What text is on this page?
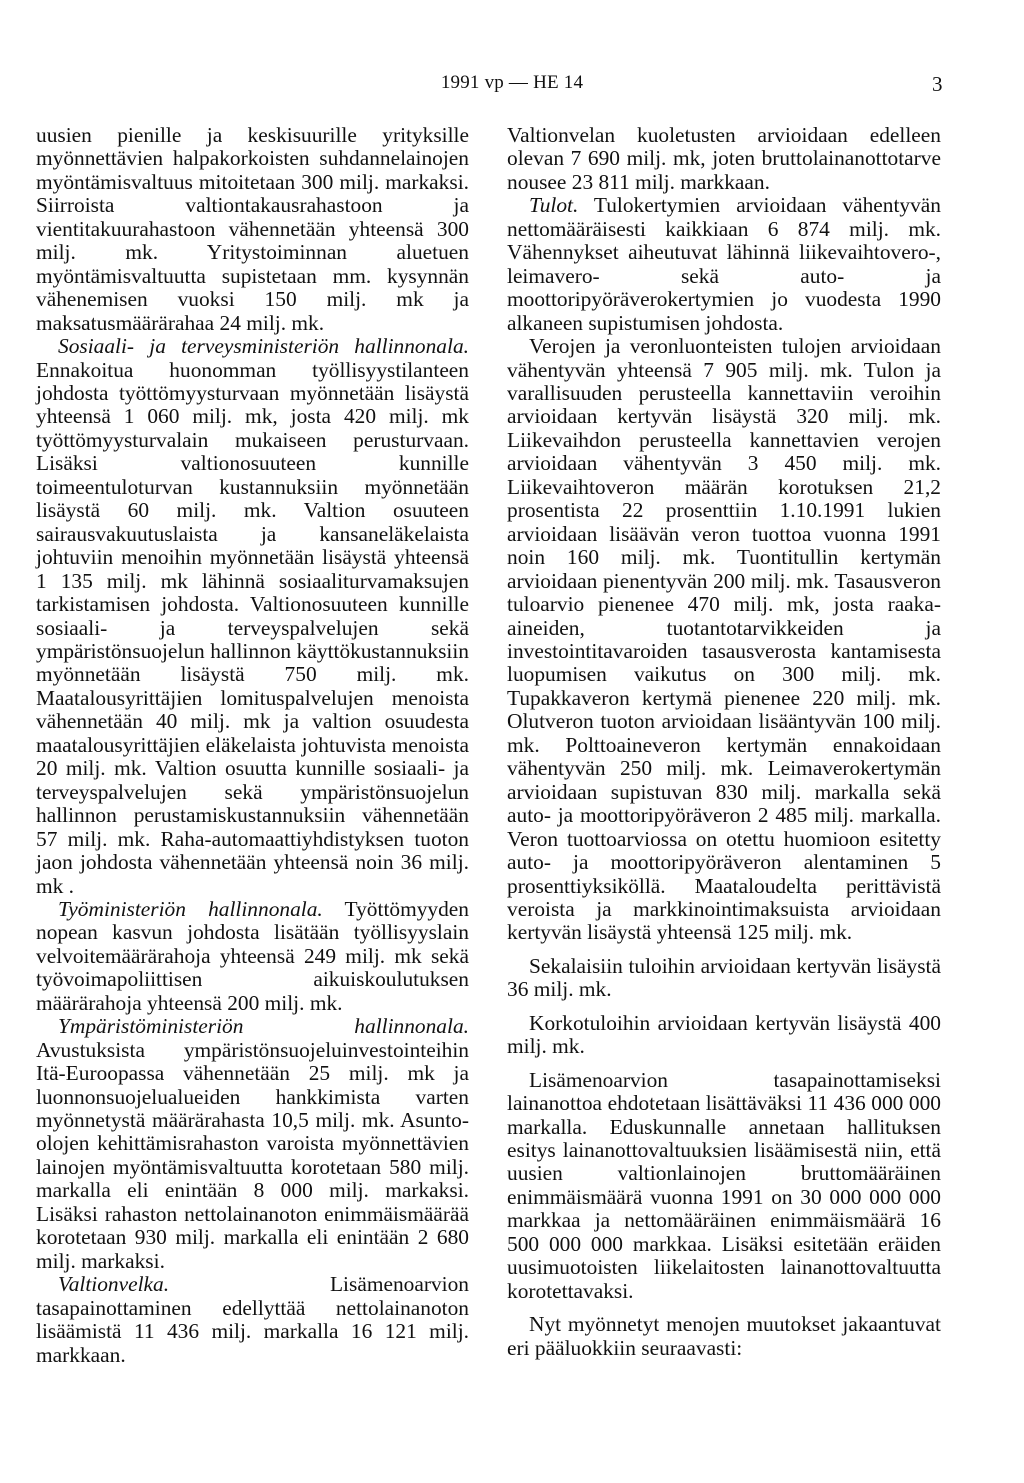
1991 vp — HE 14	3

uusien pienille ja keskisuurille yrityksille myönnettävien halpakorkoisten suhdannelainojen myöntämisvaltuus mitoitetaan 300 milj. markaksi. Siirroista valtiontakausrahastoon ja vientitakuurahastoon vähennetään yhteensä 300 milj. mk. Yritystoiminnan aluetuen myöntämisvaltuutta supistetaan mm. kysynnän vähenemisen vuoksi 150 milj. mk ja maksatusmäärärahaa 24 milj. mk.

Sosiaali- ja terveysministeriön hallinnonala. Ennakoitua huonomman työllisyystilanteen johdosta työttömyysturvaan myönnetään lisäystä yhteensä 1 060 milj. mk, josta 420 milj. mk työttömyysturvalain mukaiseen perusturvaan. Lisäksi valtionosuuteen kunnille toimeentuloturvan kustannuksiin myönnetään lisäystä 60 milj. mk. Valtion osuuteen sairausvakuutuslaista ja kansaneläkelaista johtuviin menoihin myönnetään lisäystä yhteensä 1 135 milj. mk lähinnä sosiaaliturvamaksujen tarkistamisen johdosta. Valtionosuuteen kunnille sosiaali- ja terveyspalvelujen sekä ympäristönsuojelun hallinnon käyttökustannuksiin myönnetään lisäystä 750 milj. mk. Maatalousyrittäjien lomituspalvelujen menoista vähennetään 40 milj. mk ja valtion osuudesta maatalousyrittäjien eläkelaista johtuvista menoista 20 milj. mk. Valtion osuutta kunnille sosiaali- ja terveyspalvelujen sekä ympäristönsuojelun hallinnon perustamiskustannuksiin vähennetään 57 milj. mk. Raha-automaattiyhdistyksen tuoton jaon johdosta vähennetään yhteensä noin 36 milj. mk .

Työministeriön hallinnonala. Työttömyyden nopean kasvun johdosta lisätään työllisyyslain velvoitemäärärahoja yhteensä 249 milj. mk sekä työvoimapoliittisen aikuiskoulutuksen määrärahoja yhteensä 200 milj. mk.

Ympäristöministeriön hallinnonala. Avustuksista ympäristönsuojeluinvestointeihin Itä-Euroopassa vähennetään 25 milj. mk ja luonnonsuojelualueiden hankkimista varten myönnetystä määrärahasta 10,5 milj. mk. Asunto-olojen kehittämisrahaston varoista myönnettävien lainojen myöntämisvaltuutta korotetaan 580 milj. markalla eli enintään 8 000 milj. markaksi. Lisäksi rahaston nettolainanoton enimmäismäärää korotetaan 930 milj. markalla eli enintään 2 680 milj. markaksi.

Valtionvelka. Lisämenoarvion tasapainottaminen edellyttää nettolainanoton lisäämistä 11 436 milj. markalla 16 121 milj. markkaan.

Valtionvelan kuoletusten arvioidaan edelleen olevan 7 690 milj. mk, joten bruttolainanottotarve nousee 23 811 milj. markkaan.

Tulot. Tulokertymien arvioidaan vähentyvän nettomääräisesti kaikkiaan 6 874 milj. mk. Vähennykset aiheutuvat lähinnä liikevaihtovero-, leimavero- sekä auto- ja moottoripyöräverokertymien jo vuodesta 1990 alkaneen supistumisen johdosta.

Verojen ja veronluonteisten tulojen arvioidaan vähentyvän yhteensä 7 905 milj. mk. Tulon ja varallisuuden perusteella kannettaviin veroihin arvioidaan kertyvän lisäystä 320 milj. mk. Liikevaihdon perusteella kannettavien verojen arvioidaan vähentyvän 3 450 milj. mk. Liikevaihtoveron määrän korotuksen 21,2 prosentista 22 prosenttiin 1.10.1991 lukien arvioidaan lisäävän veron tuottoa vuonna 1991 noin 160 milj. mk. Tuontitullin kertymän arvioidaan pienentyvän 200 milj. mk. Tasausveron tuloarvio pienenee 470 milj. mk, josta raaka-aineiden, tuotantotarvikkeiden ja investointitavaroiden tasausverosta kantamisesta luopumisen vaikutus on 300 milj. mk. Tupakkaveron kertymä pienenee 220 milj. mk. Olutveron tuoton arvioidaan lisääntyvän 100 milj. mk. Polttoaineveron kertymän ennakoidaan vähentyvän 250 milj. mk. Leimaverokertymän arvioidaan supistuvan 830 milj. markalla sekä auto- ja moottoripyöräveron 2 485 milj. markalla. Veron tuottoarviossa on otettu huomioon esitetty auto- ja moottoripyöräveron alentaminen 5 prosenttiyksiköllä. Maataloudelta perittävistä veroista ja markkinointimaksuista arvioidaan kertyvän lisäystä yhteensä 125 milj. mk.

Sekalaisiin tuloihin arvioidaan kertyvän lisäystä 36 milj. mk.

Korkotuloihin arvioidaan kertyvän lisäystä 400 milj. mk.

Lisämenoarvion tasapainottamiseksi lainanottoa ehdotetaan lisättäväksi 11 436 000 000 markalla. Eduskunnalle annetaan hallituksen esitys lainanottovaltuuksien lisäämisestä niin, että uusien valtionlainojen bruttomääräinen enimmäismäärä vuonna 1991 on 30 000 000 000 markkaa ja nettomääräinen enimmäismäärä 16 500 000 000 markkaa. Lisäksi esitetään eräiden uusimuotoisten liikelaitosten lainanottovaltuutta korotettavaksi.

Nyt myönnetyt menojen muutokset jakaantuvat eri pääluokkiin seuraavasti:
